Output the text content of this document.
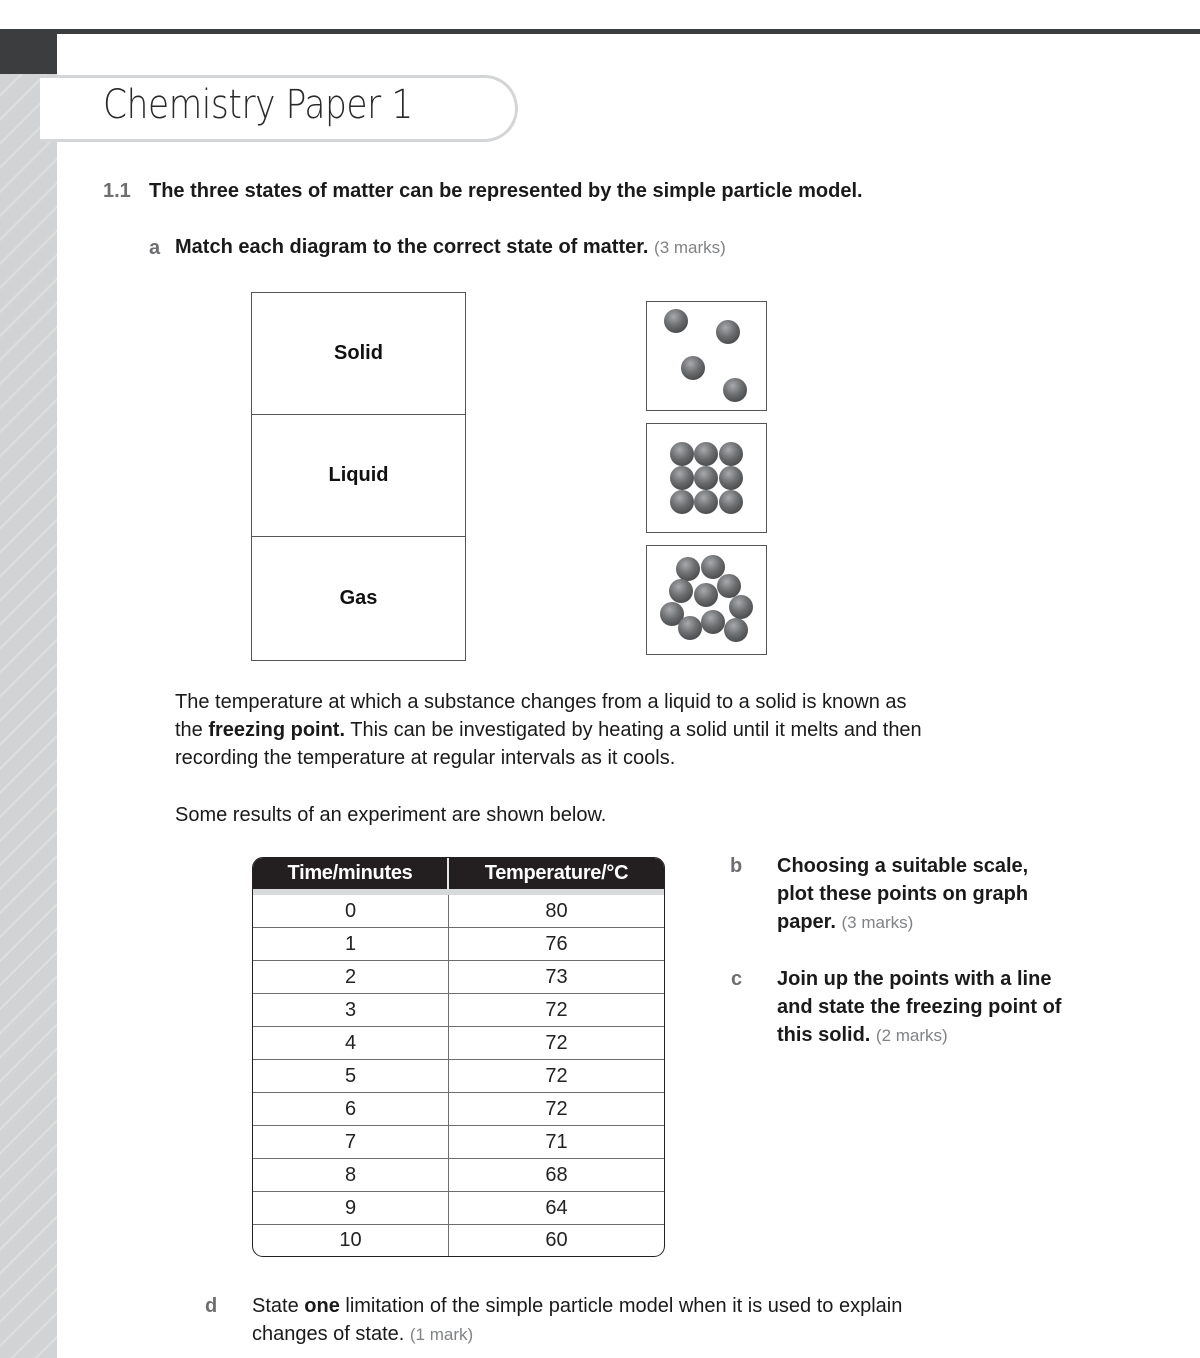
Chemistry Paper 1
1.1 The three states of matter can be represented by the simple particle model.
a Match each diagram to the correct state of matter. (3 marks)
Solid
Liquid
Gas
The temperature at which a substance changes from a liquid to a solid is known as
the freezing point. This can be investigated by heating a solid until it melts and then
recording the temperature at regular intervals as it cools.
Some results of an experiment are shown below.
Time/minutes	Temperature/°C
0	80
1	76
2	73
3	72
4	72
5	72
6	72
7	71
8	68
9	64
10	60
b Choosing a suitable scale,
plot these points on graph
paper. (3 marks)
c Join up the points with a line
and state the freezing point of
this solid. (2 marks)
d State one limitation of the simple particle model when it is used to explain
changes of state. (1 mark)
